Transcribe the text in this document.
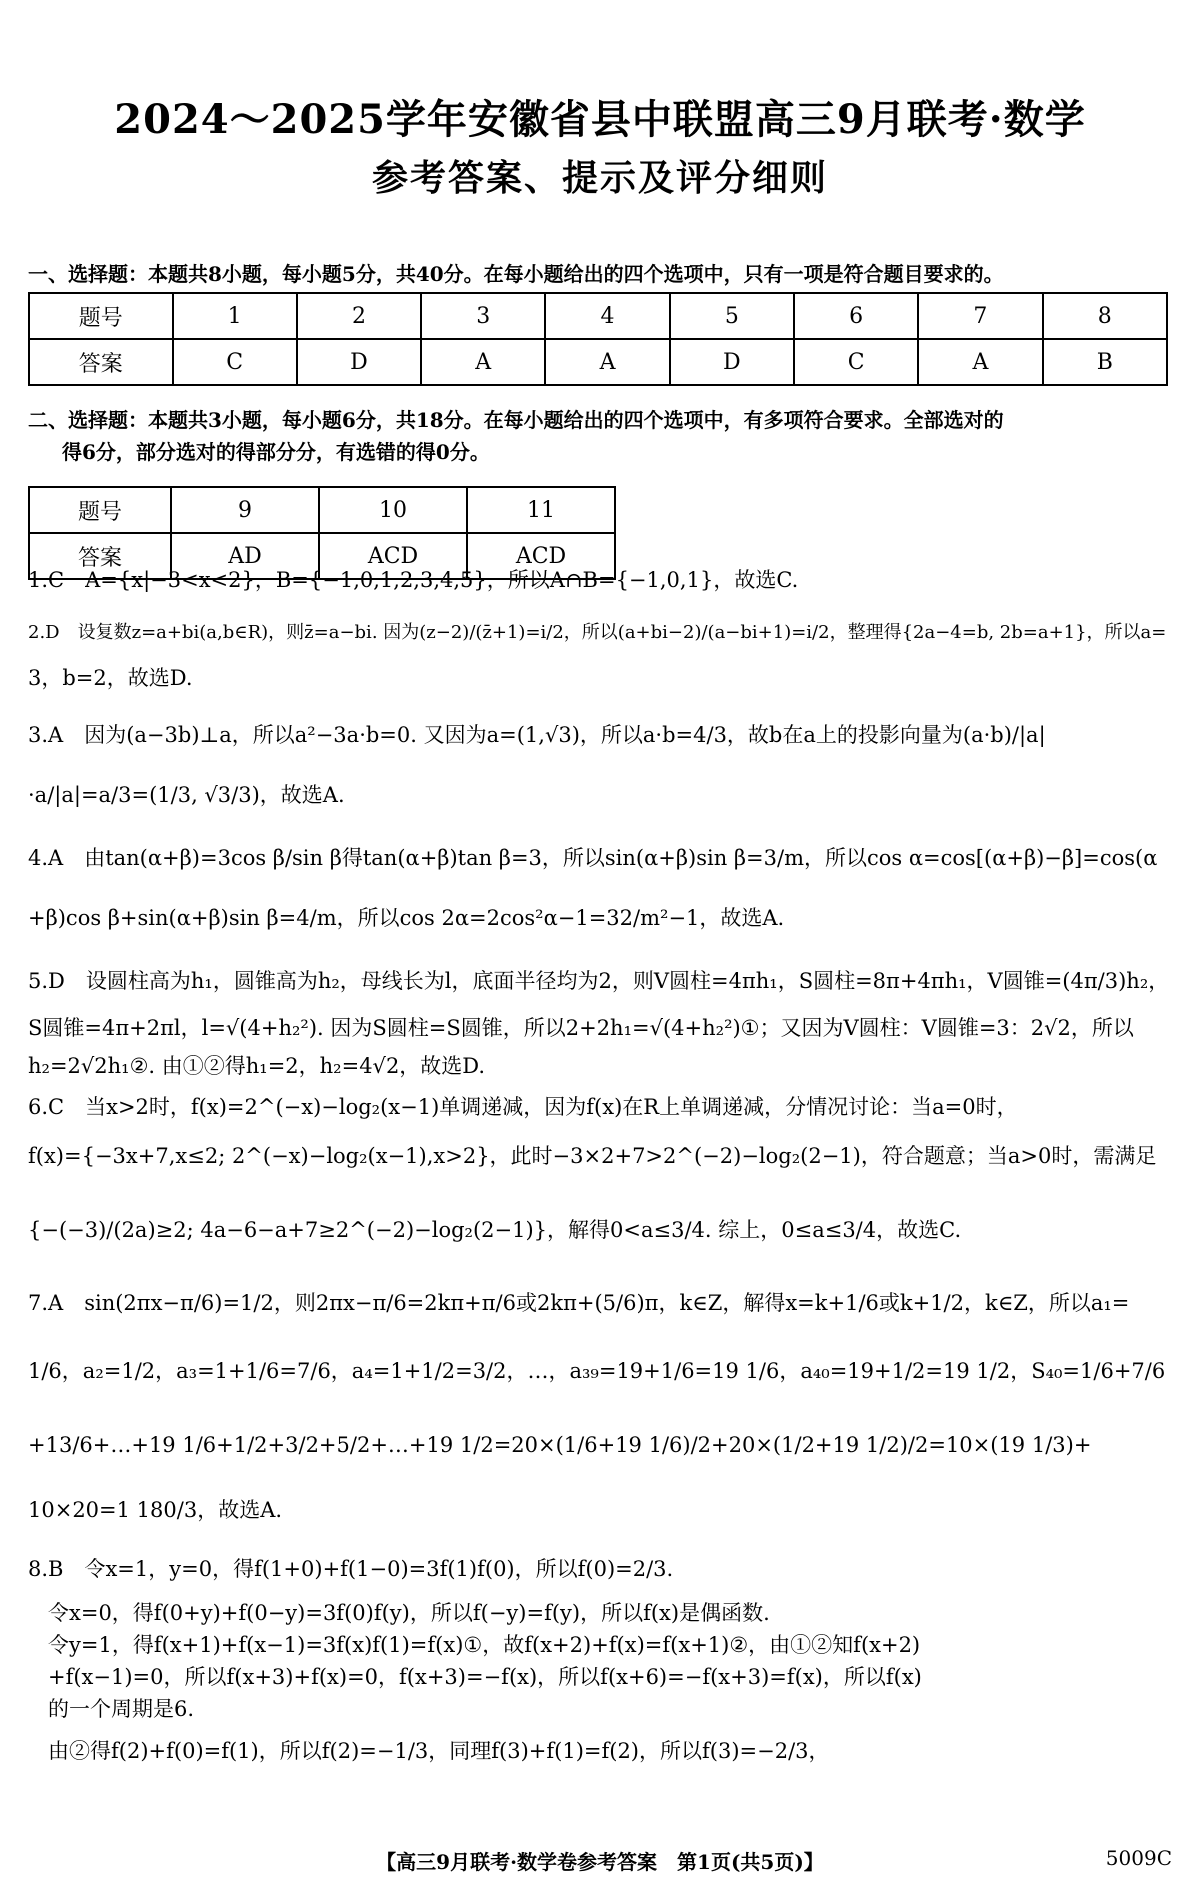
2024～2025学年安徽省县中联盟高三9月联考·数学
参考答案、提示及评分细则
一、选择题：本题共8小题，每小题5分，共40分。在每小题给出的四个选项中，只有一项是符合题目要求的。
题号	1	2	3	4	5	6	7	8
答案	C	D	A	A	D	C	A	B
二、选择题：本题共3小题，每小题6分，共18分。在每小题给出的四个选项中，有多项符合要求。全部选对的
得6分，部分选对的得部分分，有选错的得0分。
题号	9	10	11
答案	AD	ACD	ACD
1.C　A={x|−3<x<2}，B={−1,0,1,2,3,4,5}，所以A∩B={−1,0,1}，故选C.
2.D　设复数z=a+bi(a,b∈R)，则z̄=a−bi. 因为(z−2)/(z̄+1)=i/2，所以(a+bi−2)/(a−bi+1)=i/2，整理得{2a−4=b, 2b=a+1}，所以a=
3，b=2，故选D.
3.A　因为(a−3b)⊥a，所以a²−3a·b=0. 又因为a=(1,√3)，所以a·b=4/3，故b在a上的投影向量为(a·b)/|a|
·a/|a|=a/3=(1/3, √3/3)，故选A.
4.A　由tan(α+β)=3cos β/sin β得tan(α+β)tan β=3，所以sin(α+β)sin β=3/m，所以cos α=cos[(α+β)−β]=cos(α
+β)cos β+sin(α+β)sin β=4/m，所以cos 2α=2cos²α−1=32/m²−1，故选A.
5.D　设圆柱高为h₁，圆锥高为h₂，母线长为l，底面半径均为2，则V圆柱=4πh₁，S圆柱=8π+4πh₁，V圆锥=(4π/3)h₂，
S圆锥=4π+2πl，l=√(4+h₂²). 因为S圆柱=S圆锥，所以2+2h₁=√(4+h₂²)①；又因为V圆柱：V圆锥=3：2√2，所以
h₂=2√2h₁②. 由①②得h₁=2，h₂=4√2，故选D.
6.C　当x>2时，f(x)=2^(−x)−log₂(x−1)单调递减，因为f(x)在R上单调递减，分情况讨论：当a=0时，
f(x)={−3x+7,x≤2; 2^(−x)−log₂(x−1),x>2}，此时−3×2+7>2^(−2)−log₂(2−1)，符合题意；当a>0时，需满足
{−(−3)/(2a)≥2; 4a−6−a+7≥2^(−2)−log₂(2−1)}，解得0<a≤3/4. 综上，0≤a≤3/4，故选C.
7.A　sin(2πx−π/6)=1/2，则2πx−π/6=2kπ+π/6或2kπ+(5/6)π，k∈Z，解得x=k+1/6或k+1/2，k∈Z，所以a₁=
1/6，a₂=1/2，a₃=1+1/6=7/6，a₄=1+1/2=3/2，…，a₃₉=19+1/6=19 1/6，a₄₀=19+1/2=19 1/2，S₄₀=1/6+7/6
+13/6+…+19 1/6+1/2+3/2+5/2+…+19 1/2=20×(1/6+19 1/6)/2+20×(1/2+19 1/2)/2=10×(19 1/3)+
10×20=1 180/3，故选A.
8.B　令x=1，y=0，得f(1+0)+f(1−0)=3f(1)f(0)，所以f(0)=2/3.
令x=0，得f(0+y)+f(0−y)=3f(0)f(y)，所以f(−y)=f(y)，所以f(x)是偶函数.
令y=1，得f(x+1)+f(x−1)=3f(x)f(1)=f(x)①，故f(x+2)+f(x)=f(x+1)②，由①②知f(x+2)
+f(x−1)=0，所以f(x+3)+f(x)=0，f(x+3)=−f(x)，所以f(x+6)=−f(x+3)=f(x)，所以f(x)
的一个周期是6.
由②得f(2)+f(0)=f(1)，所以f(2)=−1/3，同理f(3)+f(1)=f(2)，所以f(3)=−2/3，
【高三9月联考·数学卷参考答案　第1页(共5页)】	5009C
